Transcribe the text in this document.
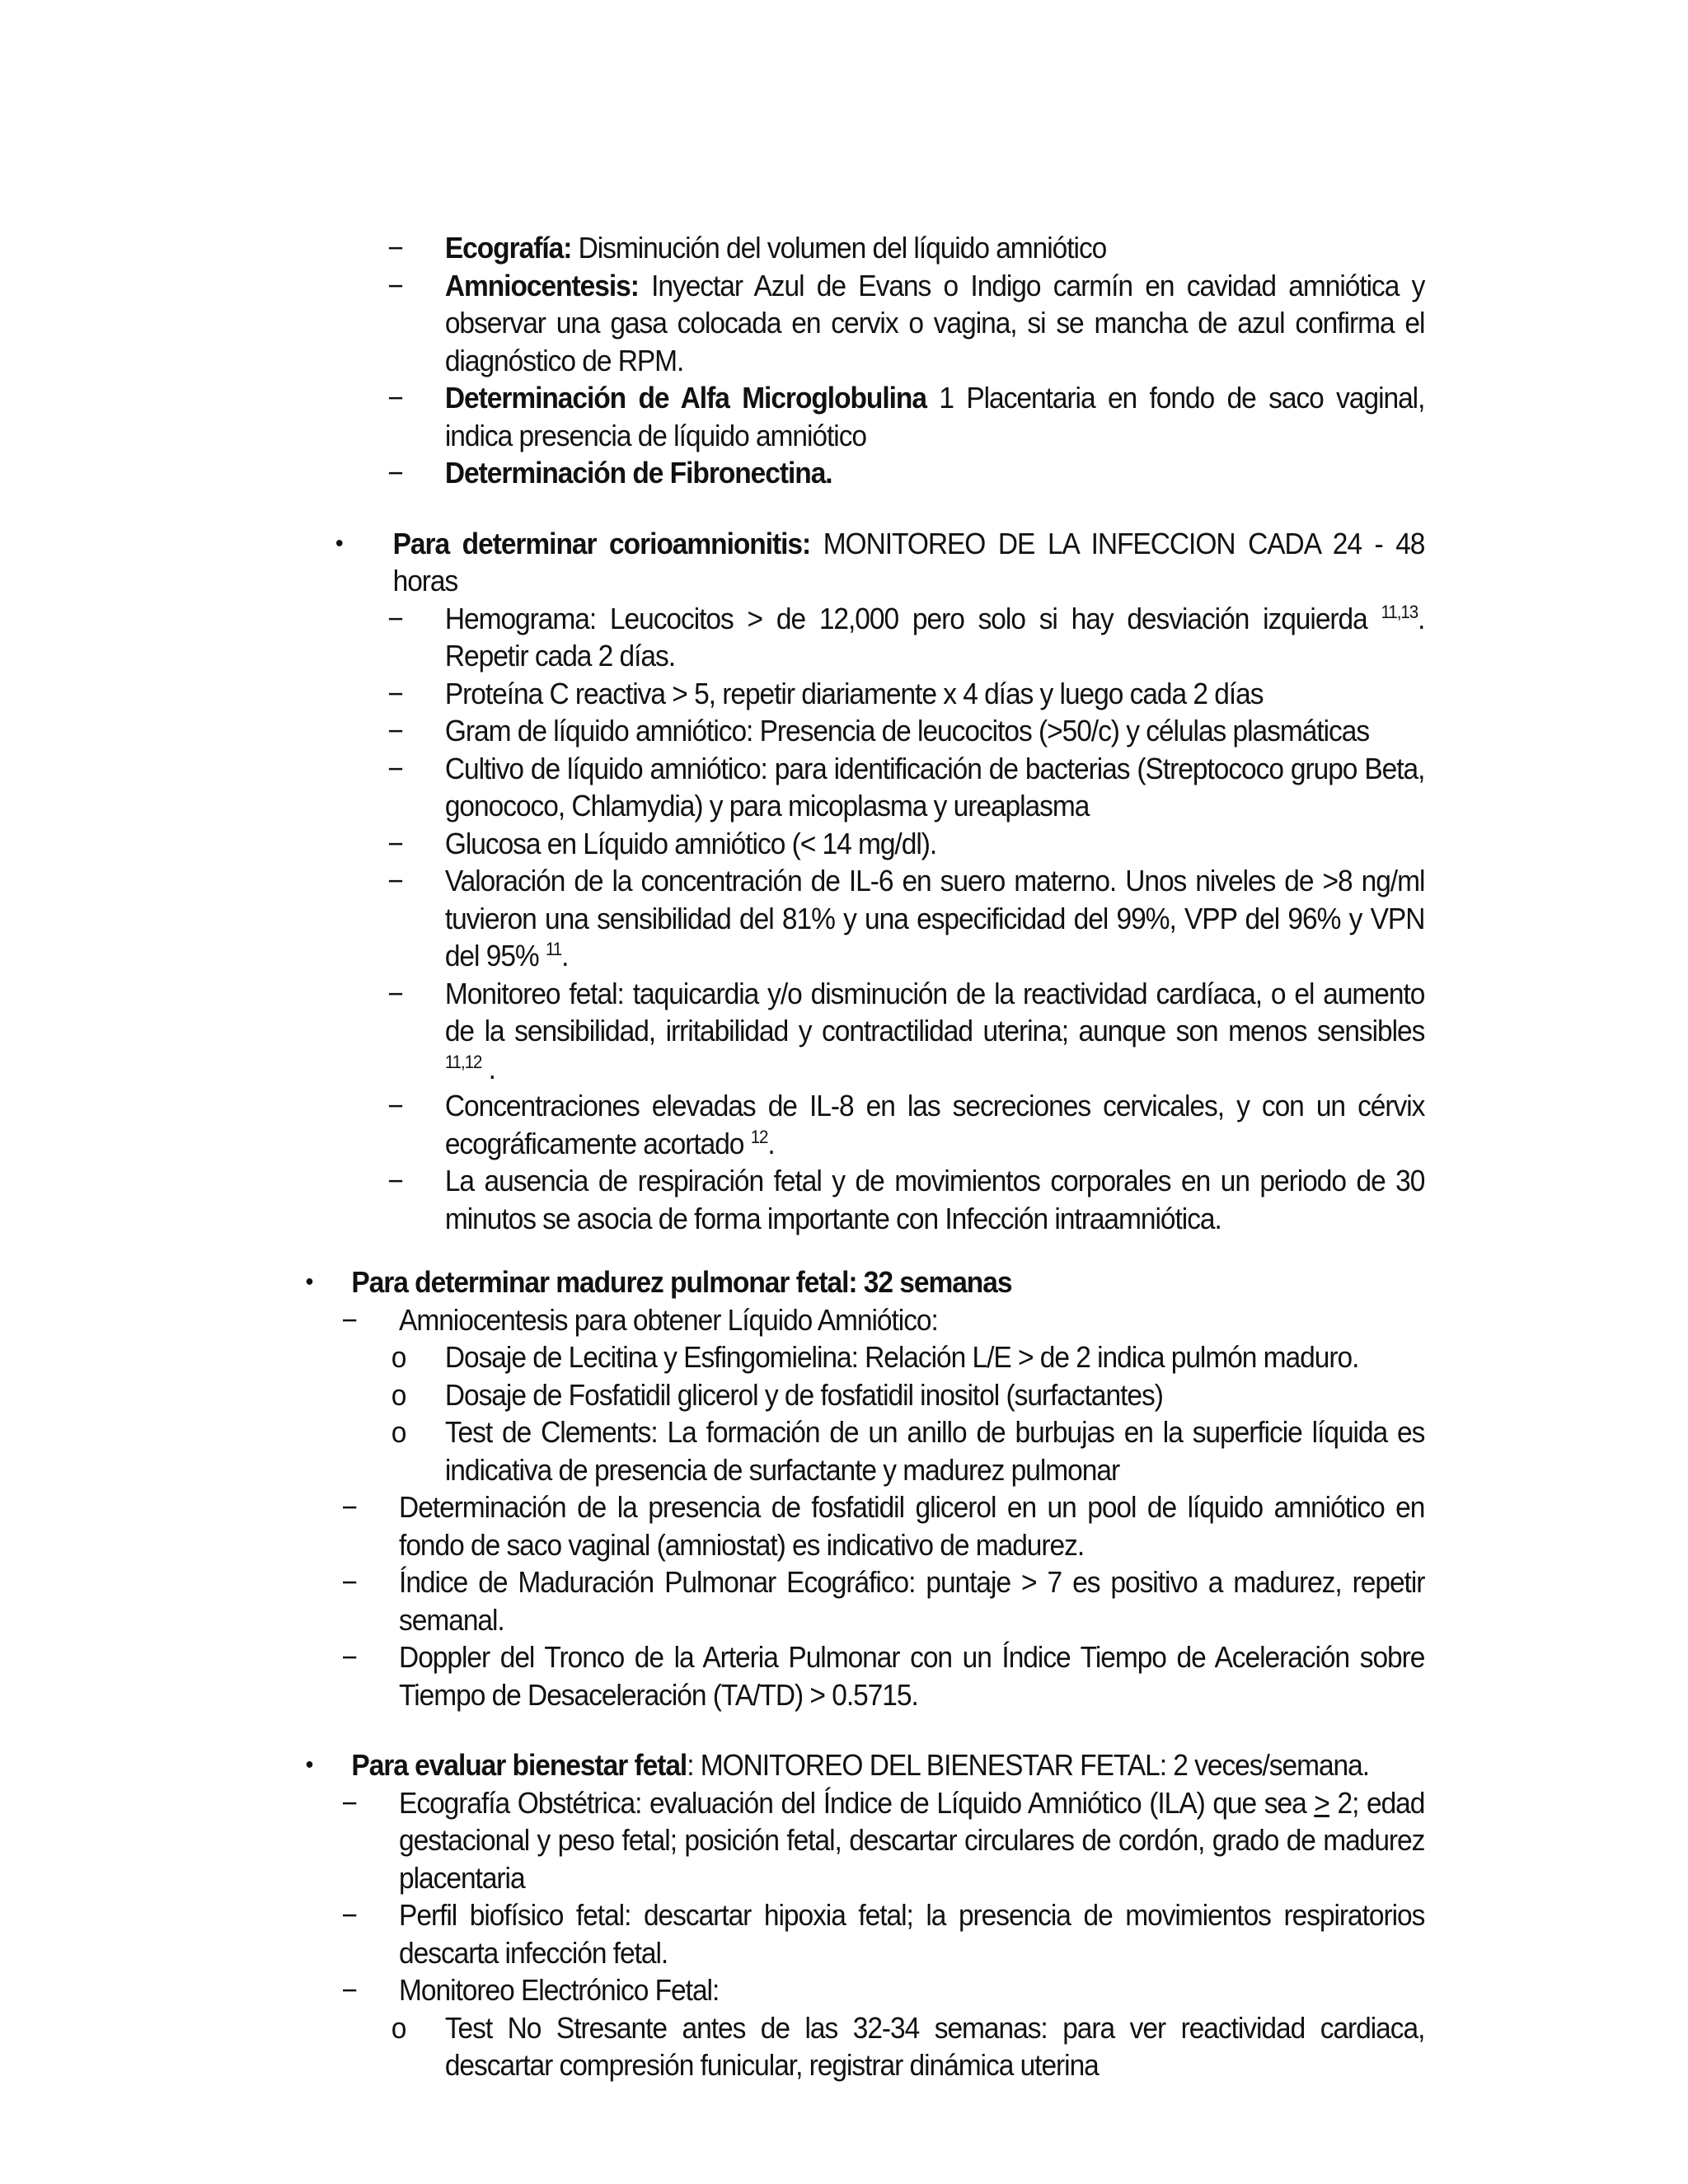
−	Ecografía: Disminución del volumen del líquido amniótico
−	Amniocentesis: Inyectar Azul de Evans o Indigo carmín en cavidad amniótica y observar una gasa colocada en cervix o vagina, si se mancha de azul confirma el diagnóstico de RPM.
−	Determinación de Alfa Microglobulina 1 Placentaria en fondo de saco vaginal, indica presencia de líquido amniótico
−	Determinación de Fibronectina.
•	Para determinar corioamnionitis: MONITOREO DE LA INFECCION CADA 24 - 48 horas
−	Hemograma: Leucocitos > de 12,000 pero solo si hay desviación izquierda $^{11,13}$. Repetir cada 2 días.
−	Proteína C reactiva > 5, repetir diariamente x 4 días y luego cada 2 días
−	Gram de líquido amniótico: Presencia de leucocitos (>50/c) y células plasmáticas
−	Cultivo de líquido amniótico: para identificación de bacterias (Streptococo grupo Beta, gonococo, Chlamydia) y para micoplasma y ureaplasma
−	Glucosa en Líquido amniótico (< 14 mg/dl).
−	Valoración de la concentración de IL-6 en suero materno. Unos niveles de >8 ng/ml tuvieron una sensibilidad del 81% y una especificidad del 99%, VPP del 96% y VPN del 95% $^{11}$.
−	Monitoreo fetal: taquicardia y/o disminución de la reactividad cardíaca, o el aumento de la sensibilidad, irritabilidad y contractilidad uterina; aunque son menos sensibles $^{11,12}$ .
−	Concentraciones elevadas de IL-8 en las secreciones cervicales, y con un cérvix ecográficamente acortado $^{12}$.
−	La ausencia de respiración fetal y de movimientos corporales en un periodo de 30 minutos se asocia de forma importante con Infección intraamniótica.
•	Para determinar madurez pulmonar fetal: 32 semanas
−	Amniocentesis para obtener Líquido Amniótico:
o	Dosaje de Lecitina y Esfingomielina: Relación L/E > de 2 indica pulmón maduro.
o	Dosaje de Fosfatidil glicerol y de fosfatidil inositol (surfactantes)
o	Test de Clements: La formación de un anillo de burbujas en la superficie líquida es indicativa de presencia de surfactante y madurez pulmonar
−	Determinación de la presencia de fosfatidil glicerol en un pool de líquido amniótico en fondo de saco vaginal (amniostat) es indicativo de madurez.
−	Índice de Maduración Pulmonar Ecográfico: puntaje > 7 es positivo a madurez, repetir semanal.
−	Doppler del Tronco de la Arteria Pulmonar con un Índice Tiempo de Aceleración sobre Tiempo de Desaceleración (TA/TD) > 0.5715.
•	Para evaluar bienestar fetal: MONITOREO DEL BIENESTAR FETAL: 2 veces/semana.
−	Ecografía Obstétrica: evaluación del Índice de Líquido Amniótico (ILA) que sea ≥ 2; edad gestacional y peso fetal; posición fetal, descartar circulares de cordón, grado de madurez placentaria
−	Perfil biofísico fetal: descartar hipoxia fetal; la presencia de movimientos respiratorios descarta infección fetal.
−	Monitoreo Electrónico Fetal:
o	Test No Stresante antes de las 32-34 semanas: para ver reactividad cardiaca, descartar compresión funicular, registrar dinámica uterina
